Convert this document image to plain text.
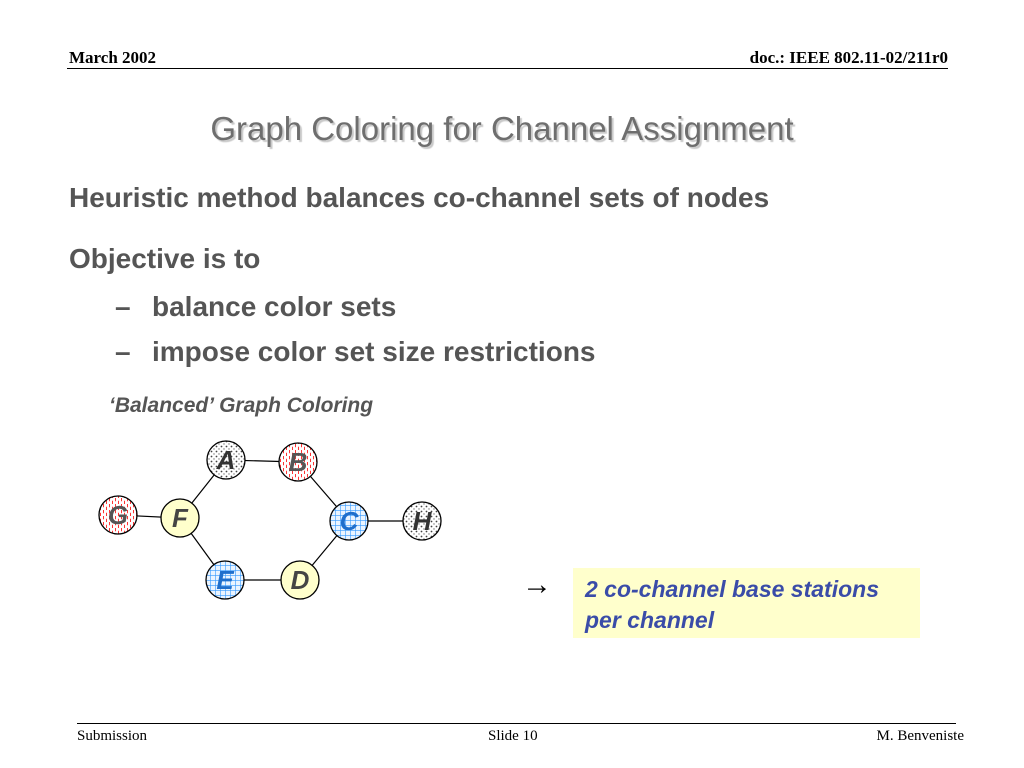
March 2002	doc.: IEEE 802.11-02/211r0
Graph Coloring for Channel Assignment
Heuristic method balances co-channel sets of nodes
Objective is to
– balance color sets
– impose color set size restrictions
‘Balanced’ Graph Coloring
A B
C H
G F
E D	→ 2 co-channel base stations
per channel
Submission	Slide 10	M. Benveniste
